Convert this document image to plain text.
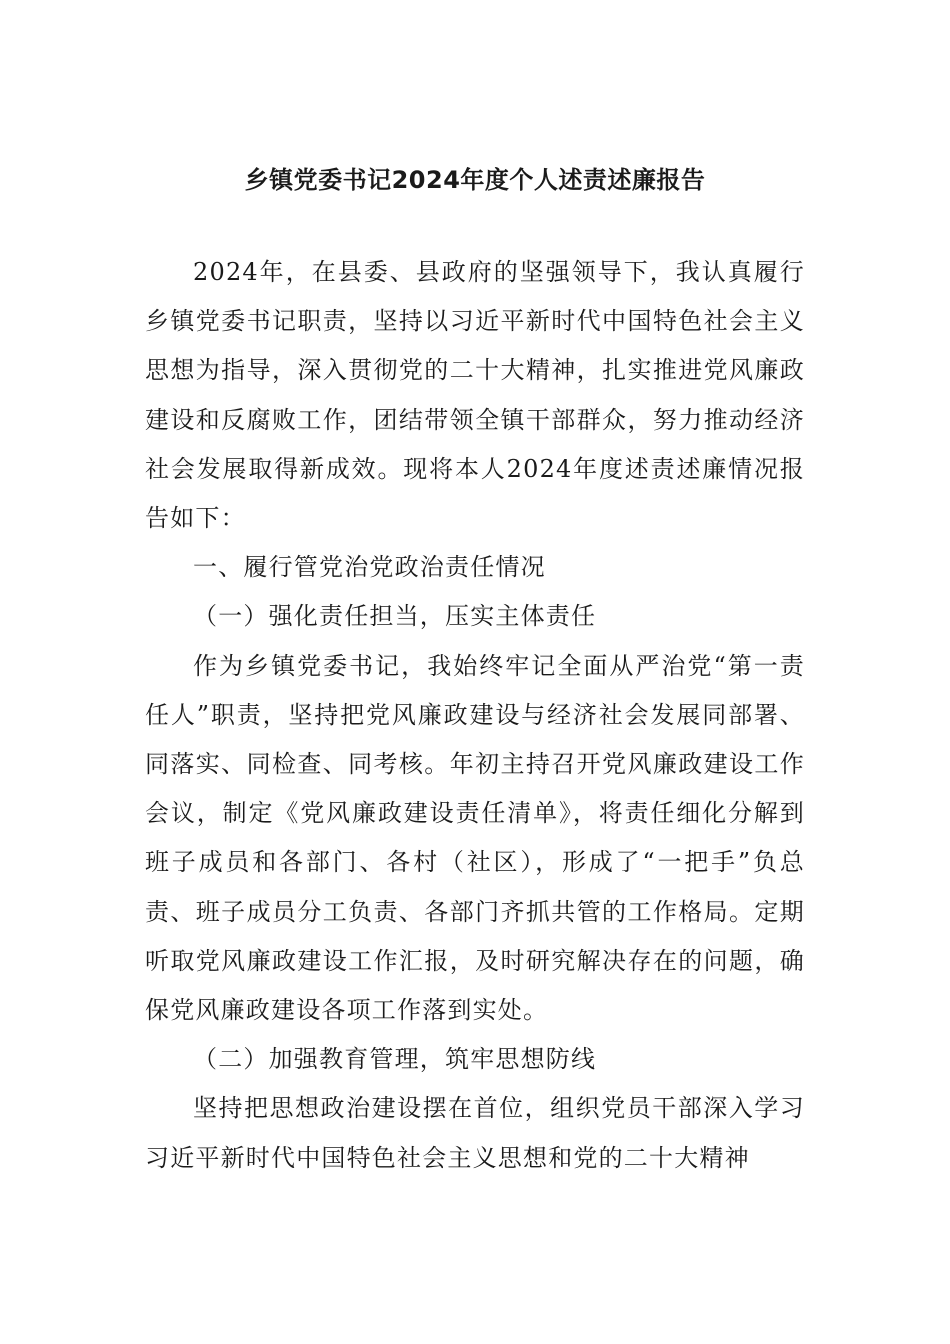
乡镇党委书记2024年度个人述责述廉报告

2024年，在县委、县政府的坚强领导下，我认真履行乡镇党委书记职责，坚持以习近平新时代中国特色社会主义思想为指导，深入贯彻党的二十大精神，扎实推进党风廉政建设和反腐败工作，团结带领全镇干部群众，努力推动经济社会发展取得新成效。现将本人2024年度述责述廉情况报告如下：

一、履行管党治党政治责任情况

（一）强化责任担当，压实主体责任

作为乡镇党委书记，我始终牢记全面从严治党“第一责任人”职责，坚持把党风廉政建设与经济社会发展同部署、同落实、同检查、同考核。年初主持召开党风廉政建设工作会议，制定《党风廉政建设责任清单》，将责任细化分解到班子成员和各部门、各村（社区），形成了“一把手”负总责、班子成员分工负责、各部门齐抓共管的工作格局。定期听取党风廉政建设工作汇报，及时研究解决存在的问题，确保党风廉政建设各项工作落到实处。

（二）加强教育管理，筑牢思想防线

坚持把思想政治建设摆在首位，组织党员干部深入学习习近平新时代中国特色社会主义思想和党的二十大精神
